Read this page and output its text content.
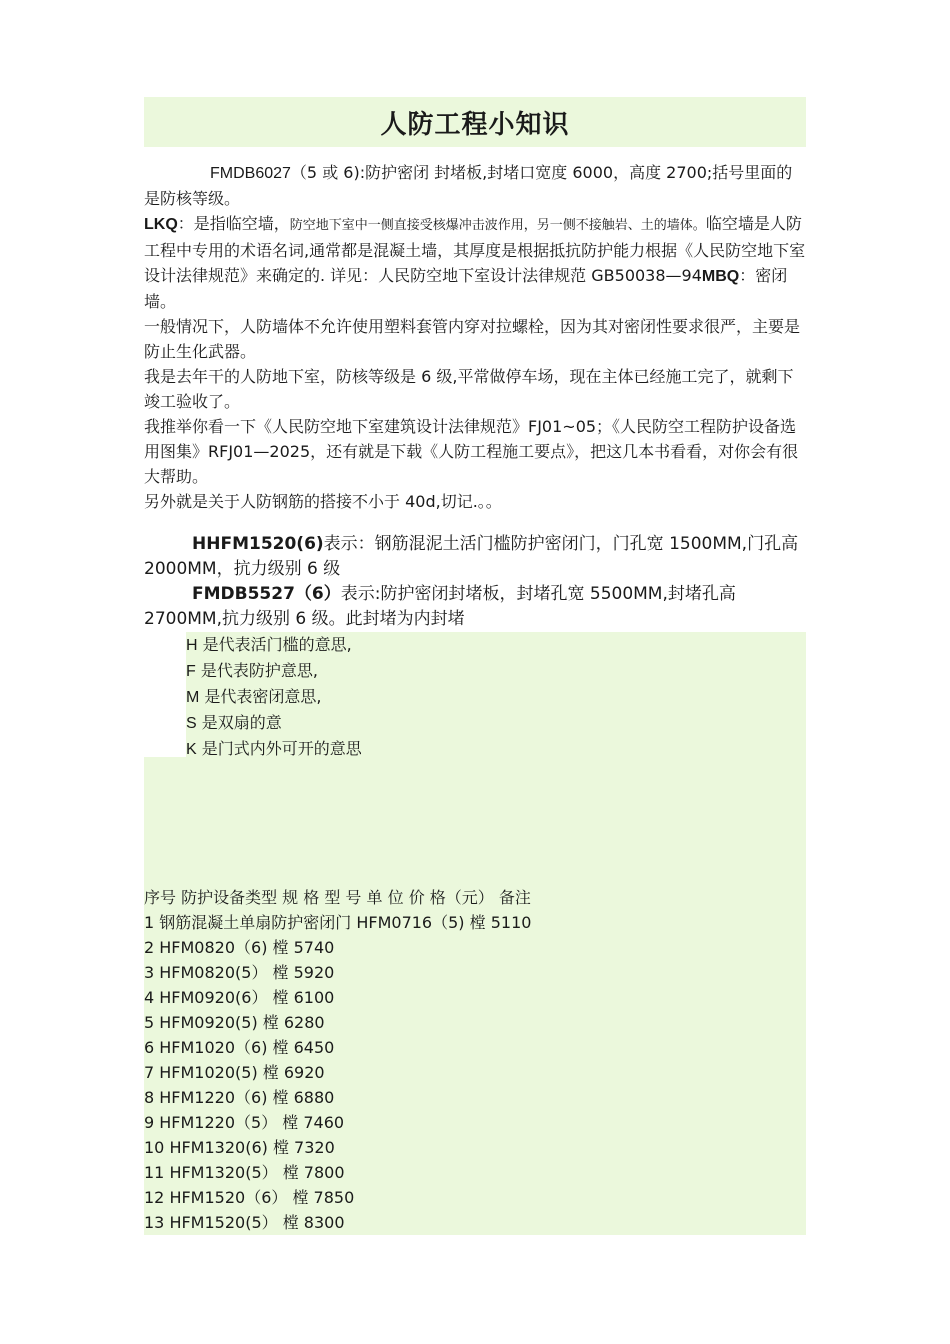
人防工程小知识

FMDB6027（5 或 6):防护密闭 封堵板,封堵口宽度 6000，高度 2700;括号里面的是防核等级。

LKQ：是指临空墙，防空地下室中一侧直接受核爆冲击波作用，另一侧不接触岩、土的墙体。临空墙是人防工程中专用的术语名词,通常都是混凝土墙，其厚度是根据抵抗防护能力根据《人民防空地下室设计法律规范》来确定的. 详见：人民防空地下室设计法律规范 GB50038—94MBQ：密闭墙。

一般情况下，人防墙体不允许使用塑料套管内穿对拉螺栓，因为其对密闭性要求很严，主要是防止生化武器。

我是去年干的人防地下室，防核等级是 6 级,平常做停车场，现在主体已经施工完了，就剩下竣工验收了。

我推举你看一下《人民防空地下室建筑设计法律规范》FJ01~05；《人民防空工程防护设备选用图集》RFJ01—2025，还有就是下载《人防工程施工要点》，把这几本书看看，对你会有很大帮助。

另外就是关于人防钢筋的搭接不小于 40d,切记.。。

HHFM1520(6)表示：钢筋混泥土活门槛防护密闭门，门孔宽 1500MM,门孔高 2000MM，抗力级别 6 级

FMDB5527（6）表示:防护密闭封堵板，封堵孔宽 5500MM,封堵孔高 2700MM,抗力级别 6 级。此封堵为内封堵

H 是代表活门槛的意思,

F 是代表防护意思,

M 是代表密闭意思,

S 是双扇的意

K 是门式内外可开的意思

序号 防护设备类型 规 格 型 号 单 位 价 格（元） 备注

1 钢筋混凝土单扇防护密闭门 HFM0716（5) 樘 5110

2 HFM0820（6) 樘 5740

3 HFM0820(5） 樘 5920

4 HFM0920(6） 樘 6100

5 HFM0920(5) 樘 6280

6 HFM1020（6) 樘 6450

7 HFM1020(5) 樘 6920

8 HFM1220（6) 樘 6880

9 HFM1220（5） 樘 7460

10 HFM1320(6) 樘 7320

11 HFM1320(5） 樘 7800

12 HFM1520（6） 樘 7850

13 HFM1520(5） 樘 8300
